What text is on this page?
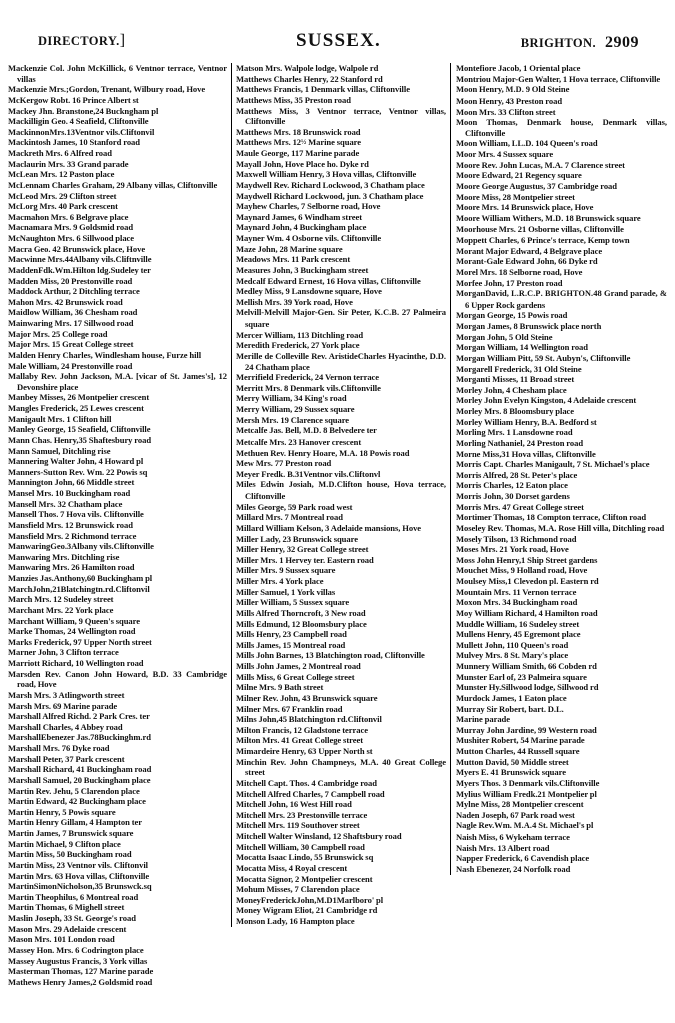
DIRECTORY.]	SUSSEX.	BRIGHTON. 2909

Mackenzie Col. John McKillick, 6 Ventnor terrace, Ventnor villas

Mackenzie Mrs.;Gordon, Trenant, Wilbury road, Hove

McKergow Robt. 16 Prince Albert st

Mackey Jhn. Branstone,24 Buckngham pl

Mackilligin Geo. 4 Seafield, Cliftonville

MackinnonMrs.13Ventnor vils.Cliftonvil

Mackintosh James, 10 Stanford road

Mackreth Mrs. 6 Alfred road

Maclaurin Mrs. 33 Grand parade

McLean Mrs. 12 Paston place

McLennam Charles Graham, 29 Albany villas, Cliftonville

McLeod Mrs. 29 Clifton street

McLorg Mrs. 40 Park crescent

Macmahon Mrs. 6 Belgrave place

Macnamara Mrs. 9 Goldsmid road

McNaughton Mrs. 6 Sillwood place

Macra Geo. 42 Brunswick place, Hove

Macwinne Mrs.44Albany vils.Cliftnville

MaddenFdk.Wm.Hilton ldg.Sudeley ter

Madden Miss, 20 Prestonville road

Maddock Arthur, 2 Ditchling terrace

Mahon Mrs. 42 Brunswick road

Maidlow William, 36 Chesham road

Mainwaring Mrs. 17 Sillwood road

Major Mrs. 25 College road

Major Mrs. 15 Great College street

Malden Henry Charles, Windlesham house, Furze hill

Male William, 24 Prestonville road

Mallaby Rev. John Jackson, M.A. [vicar of St. James's], 12 Devonshire place

Manbey Misses, 26 Montpelier crescent

Mangles Frederick, 25 Lewes crescent

Manigault Mrs. 1 Clifton hill

Manley George, 15 Seafield, Cliftonville

Mann Chas. Henry,35 Shaftesbury road

Mann Samuel, Ditchling rise

Mannering Walter John, 4 Howard pl

Manners-Sutton Rev. Wm. 22 Powis sq

Mannington John, 66 Middle street

Mansel Mrs. 10 Buckingham road

Mansell Mrs. 32 Chatham place

Mansell Thos. 7 Hova vils. Cliftonville

Mansfield Mrs. 12 Brunswick road

Mansfield Mrs. 2 Richmond terrace

ManwaringGeo.3Albany vils.Cliftonville

Manwaring Mrs. Ditchling rise

Manwaring Mrs. 26 Hamilton road

Manzies Jas.Anthony,60 Buckingham pl

MarchJohn,21Blatchingtn.rd.Cliftonvil

March Mrs. 12 Sudeley street

Marchant Mrs. 22 York place

Marchant William, 9 Queen's square

Marke Thomas, 24 Wellington road

Marks Frederick, 97 Upper North street

Marner John, 3 Clifton terrace

Marriott Richard, 10 Wellington road

Marsden Rev. Canon John Howard, B.D. 33 Cambridge road, Hove

Marsh Mrs. 3 Atlingworth street

Marsh Mrs. 69 Marine parade

Marshall Alfred Richd. 2 Park Cres. ter

Marshall Charles, 4 Abbey road

MarshallEbenezer Jas.78Buckinghm.rd

Marshall Mrs. 76 Dyke road

Marshall Peter, 37 Park crescent

Marshall Richard, 41 Buckingham road

Marshall Samuel, 20 Buckingham place

Martin Rev. Jehu, 5 Clarendon place

Martin Edward, 42 Buckingham place

Martin Henry, 5 Powis square

Martin Henry Gillam, 4 Hampton ter

Martin James, 7 Brunswick square

Martin Michael, 9 Clifton place

Martin Miss, 50 Buckingham road

Martin Miss, 23 Ventnor vils. Cliftonvil

Martin Mrs. 63 Hova villas, Cliftonville

MartinSimonNicholson,35 Brunswck.sq

Martin Theophilus, 6 Montreal road

Martin Thomas, 6 Mighell street

Maslin Joseph, 33 St. George's road

Mason Mrs. 29 Adelaide crescent

Mason Mrs. 101 London road

Massey Hon. Mrs. 6 Codrington place

Massey Augustus Francis, 3 York villas

Masterman Thomas, 127 Marine parade

Mathews Henry James,2 Goldsmid road

Matson Mrs. Walpole lodge, Walpole rd

Matthews Charles Henry, 22 Stanford rd

Matthews Francis, 1 Denmark villas, Cliftonville

Matthews Miss, 35 Preston road

Matthews Miss, 3 Ventnor terrace, Ventnor villas, Cliftonville

Matthews Mrs. 18 Brunswick road

Matthews Mrs. 12½ Marine square

Maule George, 117 Marine parade

Mayall John, Hove Place ho. Dyke rd

Maxwell William Henry, 3 Hova villas, Cliftonville

Maydwell Rev. Richard Lockwood, 3 Chatham place

Maydwell Richard Lockwood, jun. 3 Chatham place

Mayhew Charles, 7 Selborne road, Hove

Maynard James, 6 Windham street

Maynard John, 4 Buckingham place

Mayner Wm. 4 Osborne vils. Cliftonville

Maze John, 28 Marine square

Meadows Mrs. 11 Park crescent

Measures John, 3 Buckingham street

Medcalf Edward Ernest, 16 Hova villas, Cliftonville

Medley Miss, 9 Lansdowne square, Hove

Mellish Mrs. 39 York road, Hove

Melvill-Melvill Major-Gen. Sir Peter, K.C.B. 27 Palmeira square

Mercer William, 113 Ditchling road

Meredith Frederick, 27 York place

Merille de Colleville Rev. AristideCharles Hyacinthe, D.D. 24 Chatham place

Merrifield Frederick, 24 Vernon terrace

Merritt Mrs. 8 Denmark vils.Cliftonville

Merry William, 34 King's road

Merry William, 29 Sussex square

Mersh Mrs. 19 Clarence square

Metcalfe Jas. Bell, M.D. 8 Belvedere ter

Metcalfe Mrs. 23 Hanover crescent

Methuen Rev. Henry Hoare, M.A. 18 Powis road

Mew Mrs. 77 Preston road

Meyer Fredk. B.31Ventnor vils.Cliftonvl

Miles Edwin Josiah, M.D.Clifton house, Hova terrace, Cliftonville

Miles George, 59 Park road west

Millard Mrs. 7 Montreal road

Millard William Kelson, 3 Adelaide mansions, Hove

Miller Lady, 23 Brunswick square

Miller Henry, 32 Great College street

Miller Mrs. 1 Hervey ter. Eastern road

Miller Mrs. 9 Sussex square

Miller Mrs. 4 York place

Miller Samuel, 1 York villas

Miller William, 5 Sussex square

Mills Alfred Thorncroft, 3 New road

Mills Edmund, 12 Bloomsbury place

Mills Henry, 23 Campbell road

Mills James, 15 Montreal road

Mills John Barnes, 13 Blatchington road, Cliftonville

Mills John James, 2 Montreal road

Mills Miss, 6 Great College street

Milne Mrs. 9 Bath street

Milner Rev. John, 43 Brunswick square

Milner Mrs. 67 Franklin road

Milns John,45 Blatchington rd.Cliftonvil

Milton Francis, 12 Gladstone terrace

Milton Mrs. 41 Great College street

Mimardeire Henry, 63 Upper North st

Minchin Rev. John Champneys, M.A. 40 Great College street

Mitchell Capt. Thos. 4 Cambridge road

Mitchell Alfred Charles, 7 Campbell road

Mitchell John, 16 West Hill road

Mitchell Mrs. 23 Prestonville terrace

Mitchell Mrs. 119 Southover street

Mitchell Walter Winsland, 12 Shaftsbury road

Mitchell William, 30 Campbell road

Mocatta Isaac Lindo, 55 Brunswick sq

Mocatta Miss, 4 Royal crescent

Mocatta Signor, 2 Montpelier crescent

Mohum Misses, 7 Clarendon place

MoneyFrederickJohn,M.D1Marlboro' pl

Money Wigram Eliot, 21 Cambridge rd

Monson Lady, 16 Hampton place

Montefiore Jacob, 1 Oriental place

Montriou Major-Gen Walter, 1 Hova terrace, Cliftonville

Moon Henry, M.D. 9 Old Steine

Moon Henry, 43 Preston road

Moon Mrs. 33 Clifton street

Moon Thomas, Denmark house, Denmark villas, Cliftonville

Moon William, LL.D. 104 Queen's road

Moor Mrs. 4 Sussex square

Moore Rev. John Lucas, M.A. 7 Clarence street

Moore Edward, 21 Regency square

Moore George Augustus, 37 Cambridge road

Moore Miss, 28 Montpelier street

Moore Mrs. 14 Brunswick place, Hove

Moore William Withers, M.D. 18 Brunswick square

Moorhouse Mrs. 21 Osborne villas, Cliftonville

Moppett Charles, 6 Prince's terrace, Kemp town

Morant Major Edward, 4 Belgrave place

Morant-Gale Edward John, 66 Dyke rd

Morel Mrs. 18 Selborne road, Hove

Morfee John, 17 Preston road

MorganDavid, L.R.C.P. BRIGHTON.48 Grand parade, & 6 Upper Rock gardens

Morgan George, 15 Powis road

Morgan James, 8 Brunswick place north

Morgan John, 5 Old Steine

Morgan William, 14 Wellington road

Morgan William Pitt, 59 St. Aubyn's, Cliftonville

Morgarell Frederick, 31 Old Steine

Morganti Misses, 11 Broad street

Morley John, 4 Chesham place

Morley John Evelyn Kingston, 4 Adelaide crescent

Morley Mrs. 8 Bloomsbury place

Morley William Henry, B.A. Bedford st

Morling Mrs. 1 Lansdowne road

Morling Nathaniel, 24 Preston road

Morne Miss,31 Hova villas, Cliftonville

Morris Capt. Charles Manigault, 7 St. Michael's place

Morris Alfred, 28 St. Peter's place

Morris Charles, 12 Eaton place

Morris John, 30 Dorset gardens

Morris Mrs. 47 Great College street

Mortimer Thomas, 18 Compton terrace, Clifton road

Moseley Rev. Thomas, M.A. Rose Hill villa, Ditchling road

Mosely Tilson, 13 Richmond road

Moses Mrs. 21 York road, Hove

Moss John Henry,1 Ship Street gardens

Mouchet Miss, 9 Holland road, Hove

Moulsey Miss,1 Clevedon pl. Eastern rd

Mountain Mrs. 11 Vernon terrace

Moxon Mrs. 34 Buckingham road

Moy William Richard, 4 Hamilton road

Muddle William, 16 Sudeley street

Mullens Henry, 45 Egremont place

Mullett John, 110 Queen's road

Mulvey Mrs. 8 St. Mary's place

Munnery William Smith, 66 Cobden rd

Munster Earl of, 23 Palmeira square

Munster Hy.Sillwood lodge, Sillwood rd

Murdock James, 1 Eaton place

Murray Sir Robert, bart. D.L.

Marine parade

Murray John Jardine, 99 Western road

Mushiter Robert, 54 Marine parade

Mutton Charles, 44 Russell square

Mutton David, 50 Middle street

Myers E. 41 Brunswick square

Myers Thos. 3 Denmark vils.Cliftonville

Mylius William Fredk.21 Montpelier pl

Mylne Miss, 28 Montpelier crescent

Naden Joseph, 67 Park road west

Nagle Rev.Wm. M.A.4 St. Michael's pl

Naish Miss, 6 Wykeham terrace

Naish Mrs. 13 Albert road

Napper Frederick, 6 Cavendish place

Nash Ebenezer, 24 Norfolk road
